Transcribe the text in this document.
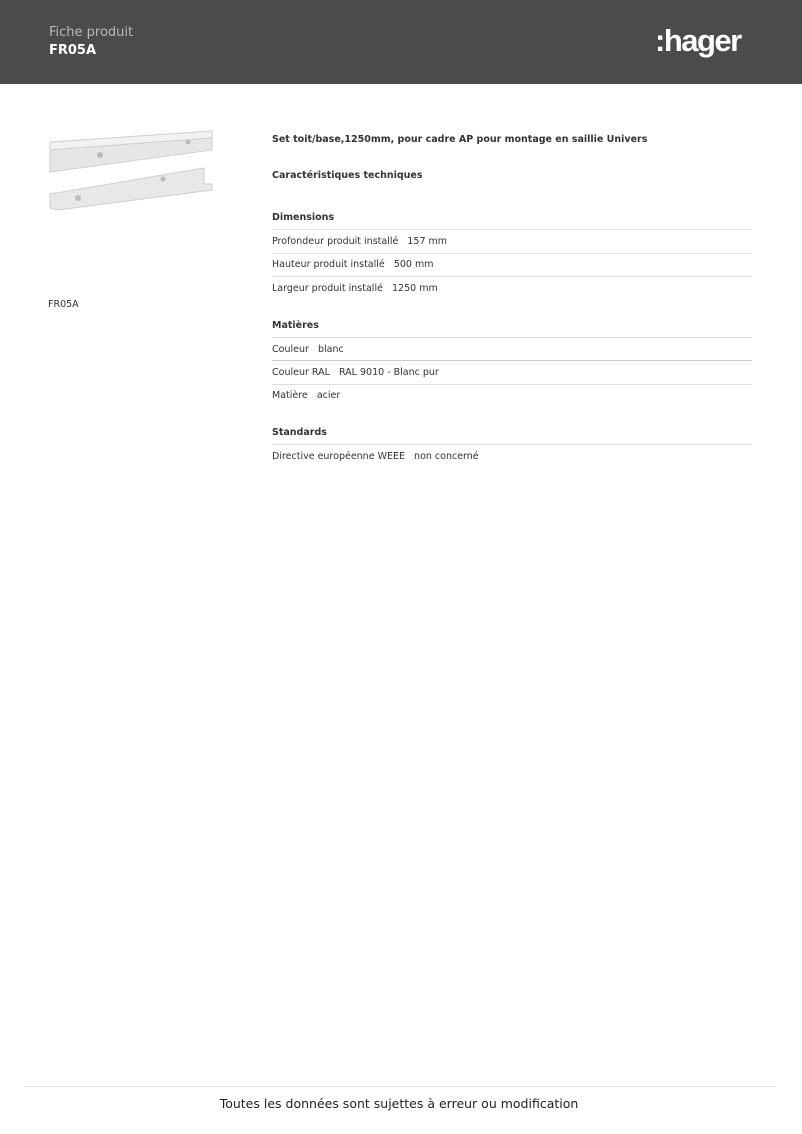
Fiche produit
FR05A	:hager
FR05A
Set toit/base,1250mm, pour cadre AP pour montage en saillie Univers
Caractéristiques techniques
Dimensions
Profondeur produit installé 157 mm
Hauteur produit installé 500 mm
Largeur produit installé 1250 mm
Matières
Couleur blanc
Couleur RAL RAL 9010 - Blanc pur
Matière acier
Standards
Directive européenne WEEE non concerné
Toutes les données sont sujettes à erreur ou modification
